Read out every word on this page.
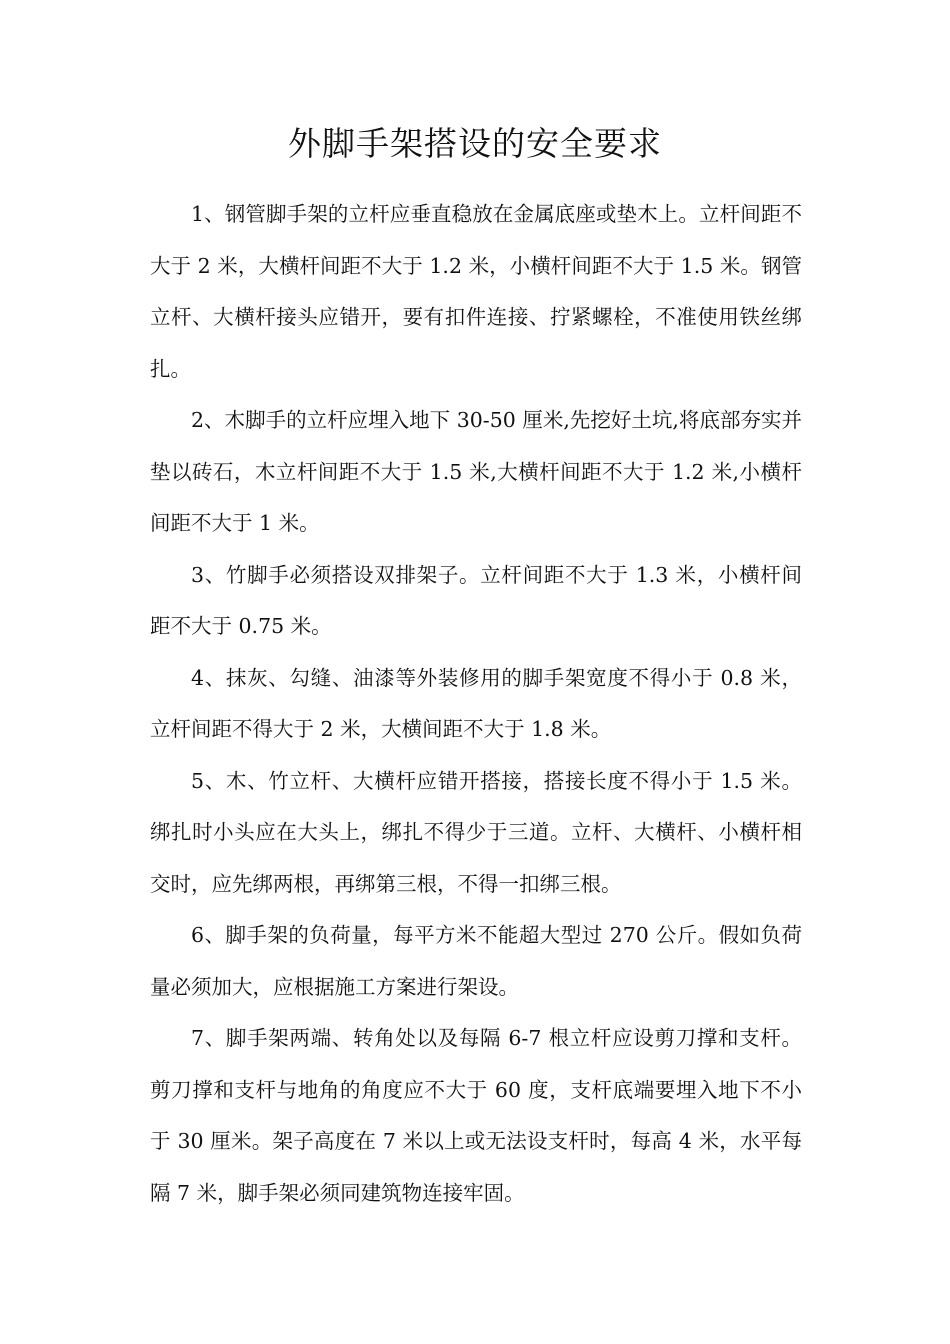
外脚手架搭设的安全要求

1、钢管脚手架的立杆应垂直稳放在金属底座或垫木上。立杆间距不大于 2 米，大横杆间距不大于 1.2 米，小横杆间距不大于 1.5 米。钢管立杆、大横杆接头应错开，要有扣件连接、拧紧螺栓，不准使用铁丝绑扎。

2、木脚手的立杆应埋入地下 30-50 厘米,先挖好土坑,将底部夯实并垫以砖石，木立杆间距不大于 1.5 米,大横杆间距不大于 1.2 米,小横杆间距不大于 1 米。

3、竹脚手必须搭设双排架子。立杆间距不大于 1.3 米，小横杆间距不大于 0.75 米。

4、抹灰、勾缝、油漆等外装修用的脚手架宽度不得小于 0.8 米，立杆间距不得大于 2 米，大横间距不大于 1.8 米。

5、木、竹立杆、大横杆应错开搭接，搭接长度不得小于 1.5 米。绑扎时小头应在大头上，绑扎不得少于三道。立杆、大横杆、小横杆相交时，应先绑两根，再绑第三根，不得一扣绑三根。

6、脚手架的负荷量，每平方米不能超大型过 270 公斤。假如负荷量必须加大，应根据施工方案进行架设。

7、脚手架两端、转角处以及每隔 6-7 根立杆应设剪刀撑和支杆。剪刀撑和支杆与地角的角度应不大于 60 度，支杆底端要埋入地下不小于 30 厘米。架子高度在 7 米以上或无法设支杆时，每高 4 米，水平每隔 7 米，脚手架必须同建筑物连接牢固。
